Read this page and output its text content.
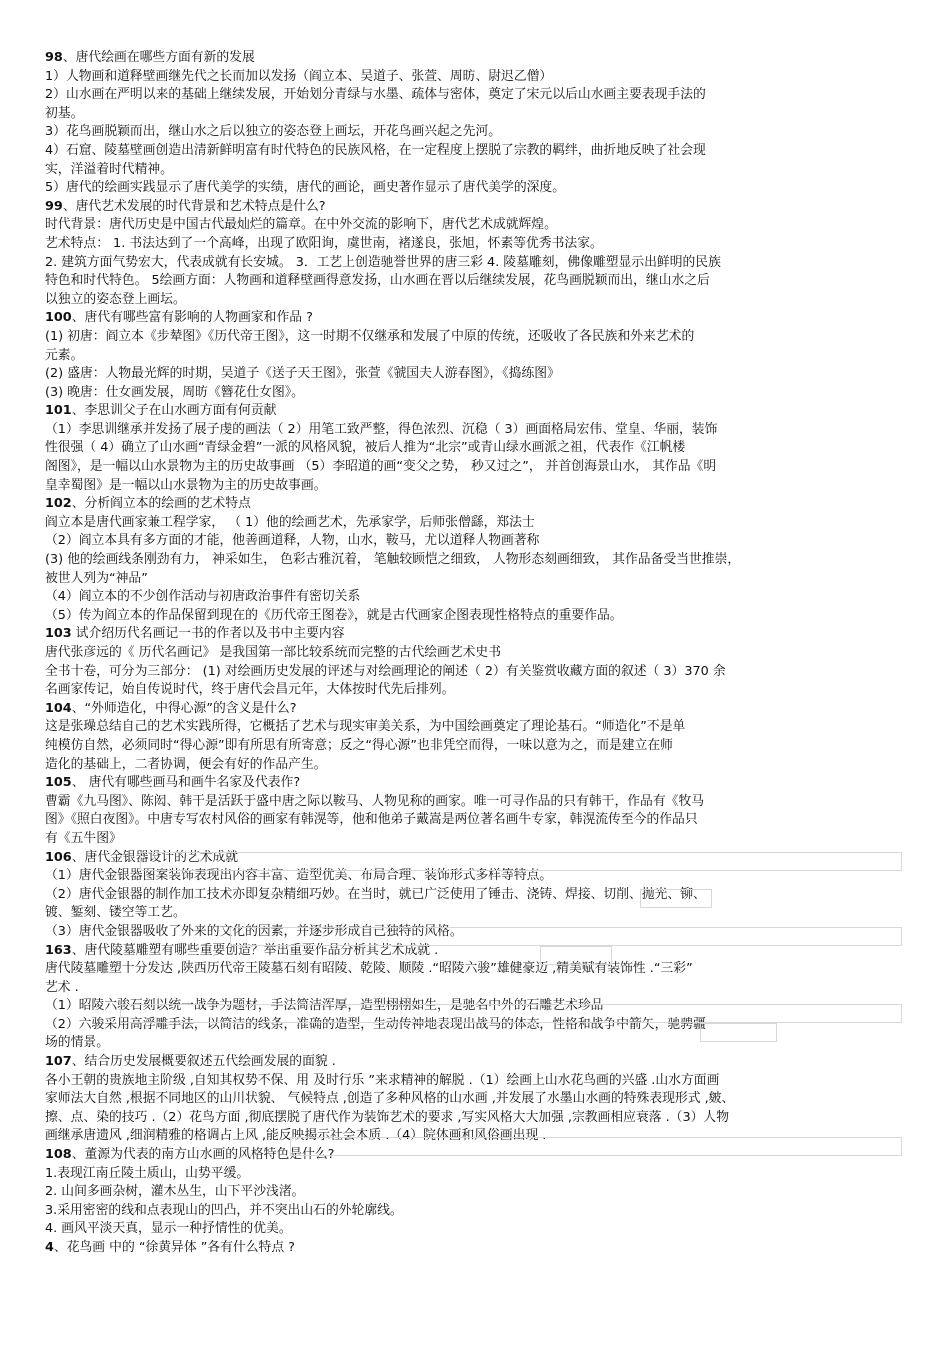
98、唐代绘画在哪些方面有新的发展
1）人物画和道释壁画继先代之长而加以发扬（阎立本、吴道子、张萱、周昉、尉迟乙僧）
2）山水画在严明以来的基础上继续发展，开始划分青绿与水墨、疏体与密体，奠定了宋元以后山水画主要表现手法的
初基。
3）花鸟画脱颖而出，继山水之后以独立的姿态登上画坛，开花鸟画兴起之先河。
4）石窟、陵墓壁画创造出清新鲜明富有时代特色的民族风格，在一定程度上摆脱了宗教的羁绊，曲折地反映了社会现
实，洋溢着时代精神。
5）唐代的绘画实践显示了唐代美学的实绩，唐代的画论，画史著作显示了唐代美学的深度。
99、唐代艺术发展的时代背景和艺术特点是什么?
时代背景：唐代历史是中国古代最灿烂的篇章。在中外交流的影响下，唐代艺术成就辉煌。
艺术特点： 1. 书法达到了一个高峰，出现了欧阳询，虞世南，褚遂良，张旭，怀素等优秀书法家。
2. 建筑方面气势宏大，代表成就有长安城。 3．工艺上创造驰誉世界的唐三彩 4. 陵墓雕刻，佛像雕塑显示出鲜明的民族
特色和时代特色。 5绘画方面：人物画和道释壁画得意发扬，山水画在晋以后继续发展，花鸟画脱颖而出，继山水之后
以独立的姿态登上画坛。
100、唐代有哪些富有影响的人物画家和作品 ?
(1) 初唐：阎立本《步辇图》《历代帝王图》，这一时期不仅继承和发展了中原的传统，还吸收了各民族和外来艺术的
元素。
(2) 盛唐：人物最光辉的时期，吴道子《送子天王图》，张萱《虢国夫人游春图》，《捣练图》
(3) 晚唐：仕女画发展，周昉《簪花仕女图》。
101、李思训父子在山水画方面有何贡献
（1）李思训继承并发扬了展子虔的画法（ 2）用笔工致严整，得色浓烈、沉稳（ 3）画面格局宏伟、堂皇、华丽，装饰
性很强（ 4）确立了山水画“青绿金碧”一派的风格风貌，被后人推为“北宗”或青山绿水画派之祖，代表作《江帆楼
阁图》，是一幅以山水景物为主的历史故事画 （5）李昭道的画“变父之势， 秒又过之”， 并首创海景山水， 其作品《明
皇幸蜀图》是一幅以山水景物为主的历史故事画。
102、分析阎立本的绘画的艺术特点
阎立本是唐代画家兼工程学家， （ 1）他的绘画艺术，先承家学，后师张僧繇，郑法士
（2）阎立本具有多方面的才能，他善画道释，人物，山水，鞍马，尤以道释人物画著称
(3) 他的绘画线条刚劲有力， 神采如生， 色彩古雅沉着， 笔触较顾恺之细致， 人物形态刻画细致， 其作品备受当世推崇，
被世人列为“神品”
（4）阎立本的不少创作活动与初唐政治事件有密切关系
（5）传为阎立本的作品保留到现在的《历代帝王图卷》，就是古代画家企图表现性格特点的重要作品。
103 试介绍历代名画记一书的作者以及书中主要内容
唐代张彦远的《 历代名画记》 是我国第一部比较系统而完整的古代绘画艺术史书
全书十卷，可分为三部分： (1) 对绘画历史发展的评述与对绘画理论的阐述（ 2）有关鉴赏收藏方面的叙述（ 3）370 余
名画家传记，始自传说时代，终于唐代会昌元年，大体按时代先后排列。
104、“外师造化，中得心源”的含义是什么?
这是张璪总结自己的艺术实践所得，它概括了艺术与现实审美关系，为中国绘画奠定了理论基石。“师造化”不是单
纯模仿自然，必须同时“得心源”即有所思有所寄意；反之“得心源”也非凭空而得，一味以意为之，而是建立在师
造化的基础上，二者协调，便会有好的作品产生。
105、 唐代有哪些画马和画牛名家及代表作?
曹霸《九马图》、陈闳、韩干是活跃于盛中唐之际以鞍马、人物见称的画家。唯一可寻作品的只有韩干，作品有《牧马
图》《照白夜图》。中唐专写农村风俗的画家有韩滉等，他和他弟子戴嵩是两位著名画牛专家，韩滉流传至今的作品只
有《五牛图》
106、唐代金银器设计的艺术成就
（1）唐代金银器图案装饰表现出内容丰富、造型优美、布局合理、装饰形式多样等特点。
（2）唐代金银器的制作加工技术亦即复杂精细巧妙。在当时，就已广泛使用了锤击、浇铸、焊接、切削、抛光、铆、
镀、錾刻、镂空等工艺。
（3）唐代金银器吸收了外来的文化的因素，并逐步形成自己独特的风格。
163、唐代陵墓雕塑有哪些重要创造？举出重要作品分析其艺术成就 .
唐代陵墓雕塑十分发达 ,陕西历代帝王陵墓石刻有昭陵、乾陵、顺陵 .“昭陵六骏”雄健豪迈 ,精美赋有装饰性 .“三彩”
艺术 .
（1）昭陵六骏石刻以统一战争为题材，手法简洁浑厚，造型栩栩如生，是驰名中外的石雕艺术珍品
（2）六骏采用高浮雕手法，以简洁的线条，准确的造型，生动传神地表现出战马的体态，性格和战争中箭矢，驰骋疆
场的情景。
107、结合历史发展概要叙述五代绘画发展的面貌 .
各小王朝的贵族地主阶级 ,自知其权势不保、用 及时行乐 ”来求精神的解脱 .（1）绘画上山水花鸟画的兴盛 .山水方面画
家师法大自然 ,根据不同地区的山川状貌、 气候特点 ,创造了多种风格的山水画 ,并发展了水墨山水画的特殊表现形式 ,皴、
擦、点、染的技巧 .（2）花鸟方面 ,彻底摆脱了唐代作为装饰艺术的要求 ,写实风格大大加强 ,宗教画相应衰落 .（3）人物
画继承唐遗风 ,细润精雅的格调占上风 ,能反映揭示社会本质 .（4）院体画和风俗画出现 .
108、董源为代表的南方山水画的风格特色是什么?
1.表现江南丘陵土质山，山势平缓。
2. 山间多画杂树，灌木丛生，山下平沙浅渚。
3.采用密密的线和点表现山的凹凸，并不突出山石的外轮廓线。
4. 画风平淡天真，显示一种抒情性的优美。
4、花鸟画 中的 “徐黄异体 ”各有什么特点 ?
